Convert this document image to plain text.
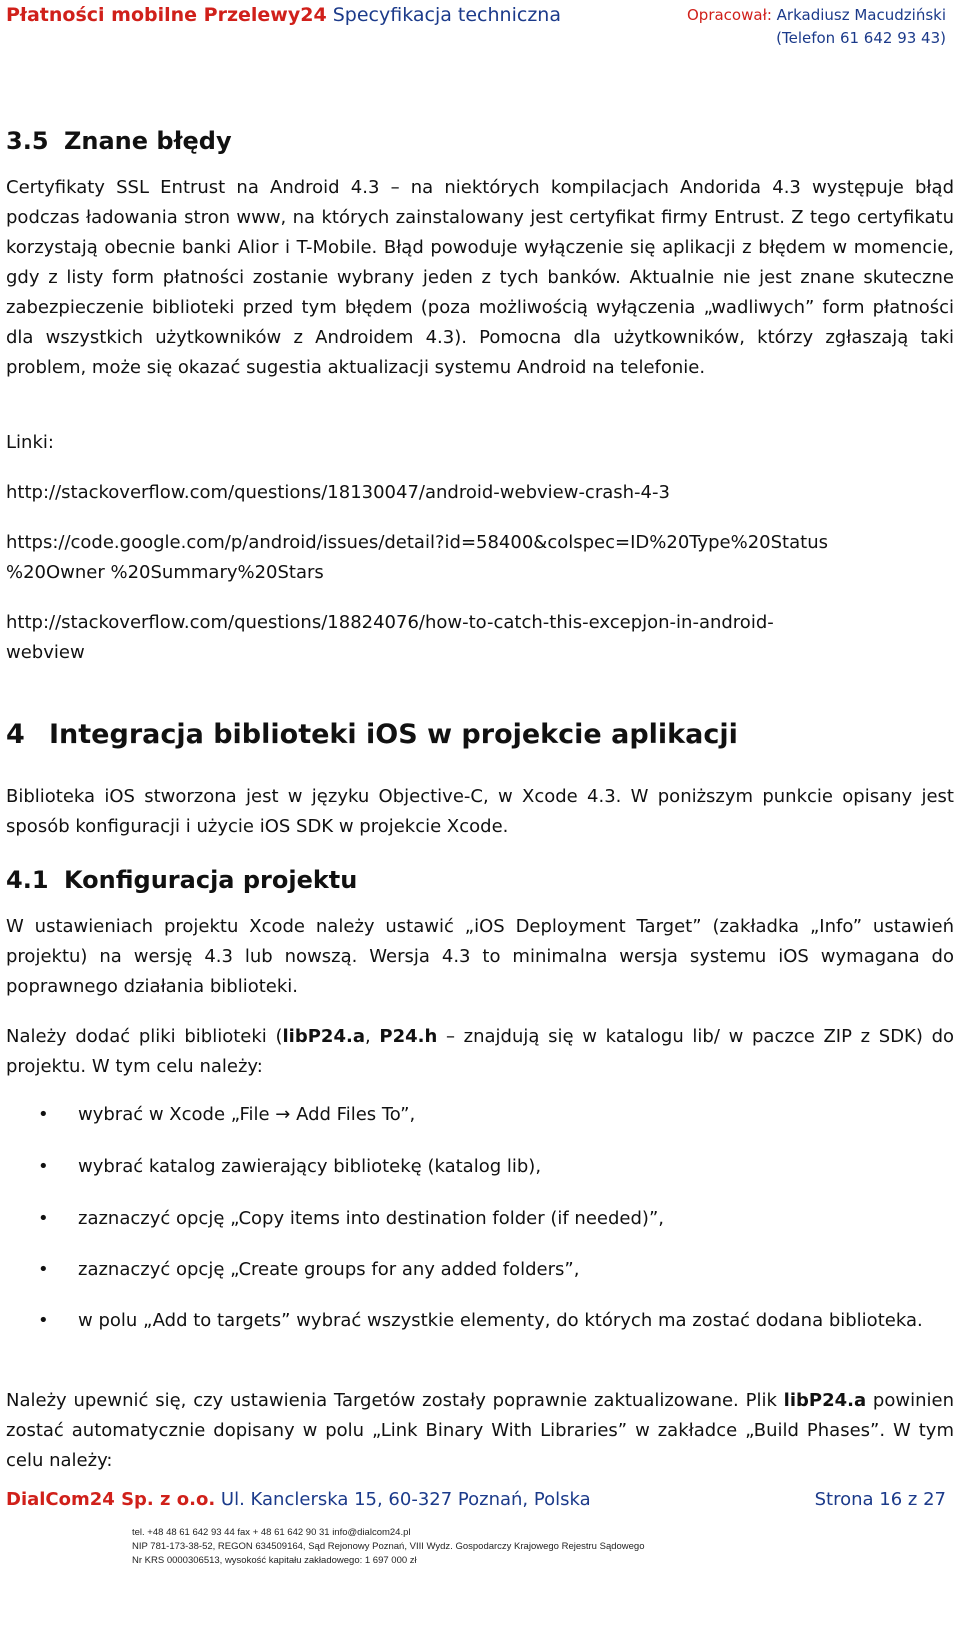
Płatności mobilne Przelewy24 Specyfikacja techniczna	Opracował: Arkadiusz Macudziński
(Telefon 61 642 93 43)
3.5 Znane błędy
Certyfikaty SSL Entrust na Android 4.3 – na niektórych kompilacjach Andorida 4.3 występuje błąd podczas ładowania stron www, na których zainstalowany jest certyfikat firmy Entrust. Z tego certyfikatu korzystają obecnie banki Alior i T-Mobile. Błąd powoduje wyłączenie się aplikacji z błędem w momencie, gdy z listy form płatności zostanie wybrany jeden z tych banków. Aktualnie nie jest znane skuteczne zabezpieczenie biblioteki przed tym błędem (poza możliwością wyłączenia „wadliwych” form płatności dla wszystkich użytkowników z Androidem 4.3). Pomocna dla użytkowników, którzy zgłaszają taki problem, może się okazać sugestia aktualizacji systemu Android na telefonie.
Linki:
http://stackoverflow.com/questions/18130047/android-webview-crash-4-3
https://code.google.com/p/android/issues/detail?id=58400&colspec=ID%20Type%20Status
%20Owner %20Summary%20Stars
http://stackoverflow.com/questions/18824076/how-to-catch-this-excepjon-in-android-
webview
4 Integracja biblioteki iOS w projekcie aplikacji
Biblioteka iOS stworzona jest w języku Objective-C, w Xcode 4.3. W poniższym punkcie opisany jest sposób konfiguracji i użycie iOS SDK w projekcie Xcode.
4.1 Konfiguracja projektu
W ustawieniach projektu Xcode należy ustawić „iOS Deployment Target” (zakładka „Info” ustawień projektu) na wersję 4.3 lub nowszą. Wersja 4.3 to minimalna wersja systemu iOS wymagana do poprawnego działania biblioteki.
Należy dodać pliki biblioteki (libP24.a, P24.h – znajdują się w katalogu lib/ w paczce ZIP z SDK) do projektu. W tym celu należy:
• wybrać w Xcode „File → Add Files To”,
• wybrać katalog zawierający bibliotekę (katalog lib),
• zaznaczyć opcję „Copy items into destination folder (if needed)”,
• zaznaczyć opcję „Create groups for any added folders”,
• w polu „Add to targets” wybrać wszystkie elementy, do których ma zostać dodana biblioteka.
Należy upewnić się, czy ustawienia Targetów zostały poprawnie zaktualizowane. Plik libP24.a powinien zostać automatycznie dopisany w polu „Link Binary With Libraries” w zakładce „Build Phases”. W tym celu należy:
DialCom24 Sp. z o.o. Ul. Kanclerska 15, 60-327 Poznań, Polska	Strona 16 z 27
tel. +48 48 61 642 93 44 fax + 48 61 642 90 31 info@dialcom24.pl
NIP 781-173-38-52, REGON 634509164, Sąd Rejonowy Poznań, VIII Wydz. Gospodarczy Krajowego Rejestru Sądowego
Nr KRS 0000306513, wysokość kapitału zakładowego: 1 697 000 zł
